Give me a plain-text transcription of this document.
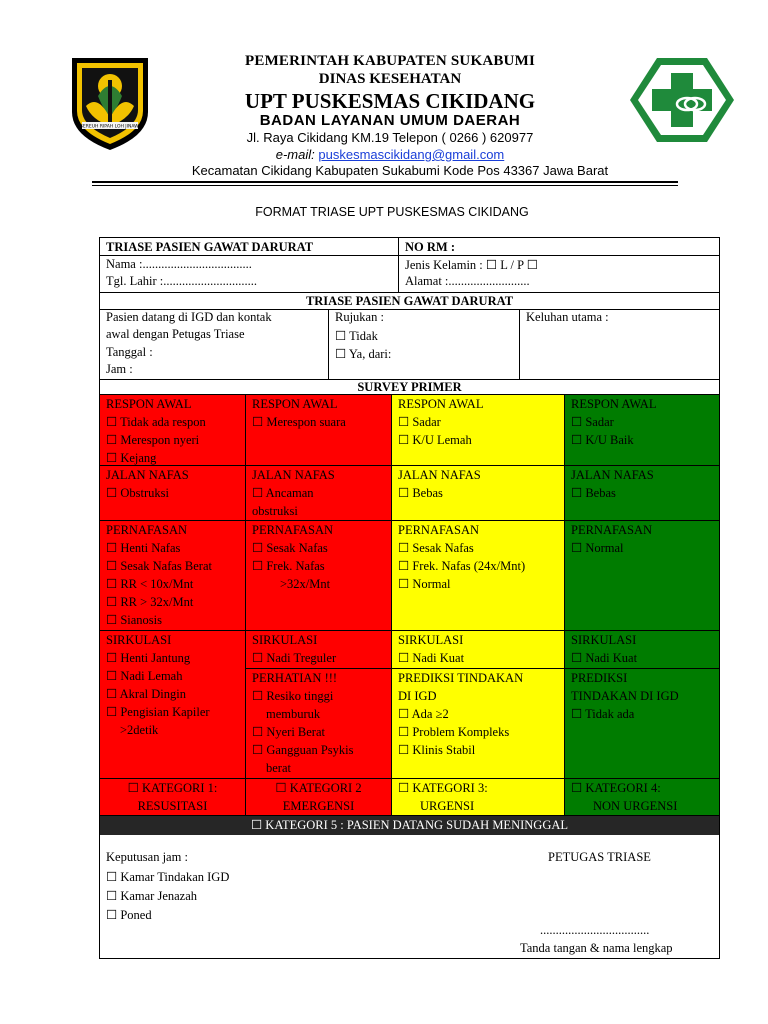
SEREUH RIPAH LOH JINAWI
PEMERINTAH KABUPATEN SUKABUMI
DINAS KESEHATAN
UPT PUSKESMAS CIKIDANG
BADAN LAYANAN UMUM DAERAH
Jl. Raya Cikidang KM.19 Telepon ( 0266 ) 620977
e-mail: puskesmascikidang@gmail.com
Kecamatan Cikidang Kabupaten Sukabumi Kode Pos 43367 Jawa Barat
FORMAT TRIASE UPT PUSKESMAS CIKIDANG
TRIASE PASIEN GAWAT DARURAT	NO RM :
Nama :...................................
Tgl. Lahir :..............................
Jenis Kelamin : ☐ L / P ☐
Alamat :..........................
TRIASE PASIEN GAWAT DARURAT
Pasien datang di IGD dan kontak
awal dengan Petugas Triase
Tanggal :
Jam :
Rujukan :
☐ Tidak
☐ Ya, dari:
Keluhan utama :
SURVEY PRIMER

RESPON AWAL

☐ Tidak ada respon

☐ Merespon nyeri

☐ Kejang

RESPON AWAL

☐ Merespon suara

RESPON AWAL

☐ Sadar

☐ K/U Lemah

RESPON AWAL

☐ Sadar

☐ K/U Baik

JALAN NAFAS

☐ Obstruksi

JALAN NAFAS

☐ Ancaman

obstruksi

JALAN NAFAS

☐ Bebas

JALAN NAFAS

☐ Bebas

PERNAFASAN

☐ Henti Nafas

☐ Sesak Nafas Berat

☐ RR < 10x/Mnt

☐ RR > 32x/Mnt

☐ Sianosis

PERNAFASAN

☐ Sesak Nafas

☐ Frek. Nafas

>32x/Mnt

PERNAFASAN

☐ Sesak Nafas

☐ Frek. Nafas (24x/Mnt)

☐ Normal

PERNAFASAN

☐ Normal

SIRKULASI

☐ Henti Jantung

☐ Nadi Lemah

☐ Akral Dingin

☐ Pengisian Kapiler

>2detik

SIRKULASI

☐ Nadi Treguler

SIRKULASI

☐ Nadi Kuat

SIRKULASI

☐ Nadi Kuat

PERHATIAN !!!

☐ Resiko tinggi

memburuk

☐ Nyeri Berat

☐ Gangguan Psykis

berat

PREDIKSI TINDAKAN

DI IGD

☐ Ada ≥2

☐ Problem Kompleks

☐ Klinis Stabil

PREDIKSI

TINDAKAN DI IGD

☐ Tidak ada

☐ KATEGORI 1:

RESUSITASI

☐ KATEGORI 2

EMERGENSI

☐ KATEGORI 3:

URGENSI

☐ KATEGORI 4:

NON URGENSI

☐ KATEGORI 5 : PASIEN DATANG SUDAH MENINGGAL
Keputusan jam :
☐ Kamar Tindakan IGD
☐ Kamar Jenazah
☐ Poned
PETUGAS TRIASE
...................................
Tanda tangan & nama lengkap
